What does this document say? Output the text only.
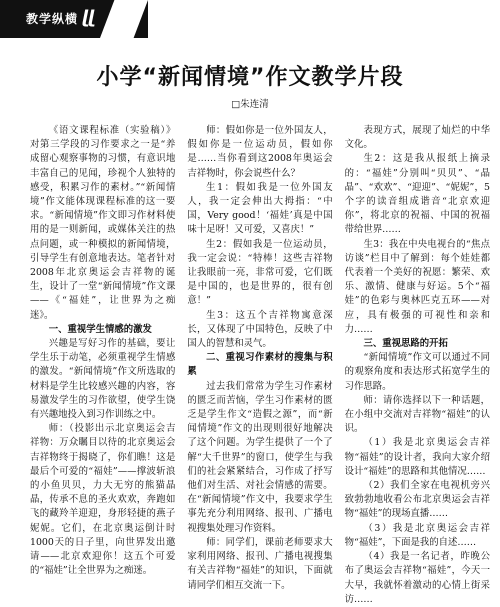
教学纵横 ɭɭ
小学“新闻情境”作文教学片段
□朱连清

《语文课程标准（实验稿）》对第三学段的习作要求之一是“养成留心观察事物的习惯，有意识地丰富自己的见闻，珍视个人独特的感受，积累习作的素材。”“新闻情境”作文能体现课程标准的这一要求。“新闻情境”作文即习作材料使用的是一则新闻，或媒体关注的热点问题，或一种模拟的新闻情境，引导学生有创意地表达。笔者针对2008年北京奥运会吉祥物的诞生，设计了一堂“新闻情境”作文课——《“福娃”，让世界为之痴迷》。

一、重视学生情感的激发

兴趣是写好习作的基础，要让学生乐于动笔，必须重视学生情感的激发。“新闻情境”作文所选取的材料是学生比较感兴趣的内容，容易激发学生的习作欲望，使学生饶有兴趣地投入到习作训练之中。

师：（投影出示北京奥运会吉祥物：万众瞩目以待的北京奥运会吉祥物终于揭晓了，你们瞧！这是最后个可爱的“福娃”——撑波斩浪的小鱼贝贝，力大无穷的熊猫晶晶，传承不息的圣火欢欢，奔跑如飞的藏羚羊迎迎，身形轻捷的燕子妮妮。它们，在北京奥运倒计时1000天的日子里，向世界发出邀请——北京欢迎你！这五个可爱的“福娃”让全世界为之痴迷。

师：假如你是一位外国友人，假如你是一位运动员，假如你是……当你看到这2008年奥运会吉祥物时，你会说些什么？

生1：假如我是一位外国友人，我一定会伸出大拇指：“中国，Very good！‘福娃’真是中国味十足呀！又可爱，又喜庆！”

生2：假如我是一位运动员，我一定会说：“特棒！这些吉祥物让我眼前一亮，非常可爱，它们既是中国的，也是世界的，很有创意！”

生3：这五个吉祥物寓意深长，又体现了中国特色，反映了中国人的智慧和灵气。

二、重视习作素材的搜集与积累

过去我们常常为学生习作素材的匮乏而苦恼，学生习作素材的匮乏是学生作文“造假之源”，而“新闻情境”作文的出现则很好地解决了这个问题。为学生提供了一个了解“大千世界”的窗口，使学生与我们的社会紧紧结合，习作成了抒写他们对生活、对社会情感的需要。在“新闻情境”作文中，我要求学生事先充分利用网络、报刊、广播电视搜集处理习作资料。

师：同学们，课前老师要求大家利用网络、报刊、广播电视搜集有关吉祥物“福娃”的知识，下面就请同学们相互交流一下。

表现方式，展现了灿烂的中华文化。

生2：这是我从报纸上摘录的：“福娃”分别叫“贝贝”、“晶晶”、“欢欢”、“迎迎”、“妮妮”，5个字的读音组成谐音“北京欢迎你”，将北京的祝福、中国的祝福带给世界……

生3：我在中央电视台的“焦点访谈”栏目中了解到：每个娃娃都代表着一个美好的祝愿：繁荣、欢乐、激情、健康与好运。5个“福娃”的色彩与奥林匹克五环——对应，具有极强的可视性和亲和力……

三、重视思路的开拓

“新闻情境”作文可以通过不同的观察角度和表达形式拓宽学生的习作思路。

师：请你选择以下一种话题，在小组中交流对吉祥物“福娃”的认识。

（1）我是北京奥运会吉祥物“福娃”的设计者，我向大家介绍设计“福娃”的思路和其他情况……

（2）我们全家在电视机旁兴致勃勃地收看公布北京奥运会吉祥物“福娃”的现场直播……

（3）我是北京奥运会吉祥物“福娃”，下面是我的自述……

（4）我是一名记者，昨晚公布了奥运会吉祥物“福娃”，今天一大早，我就怀着激动的心情上街采访……
